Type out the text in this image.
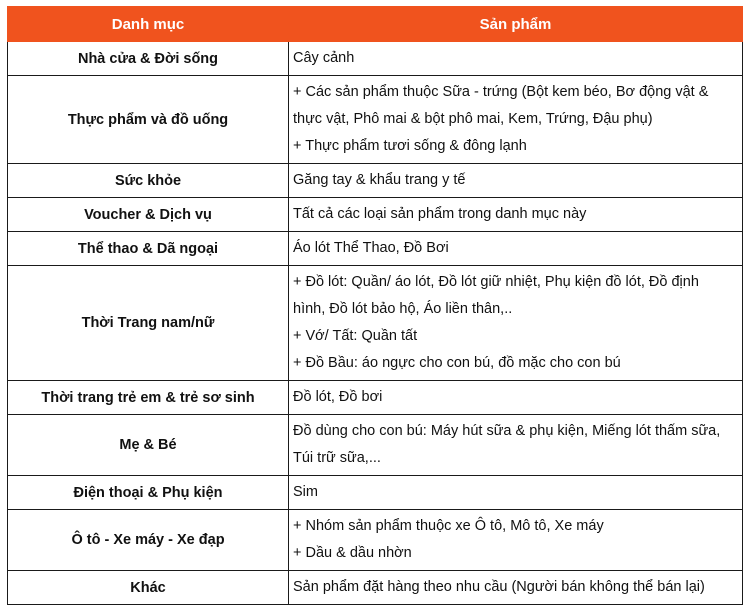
Danh mục	Sản phẩm
Nhà cửa & Đời sống	Cây cảnh

Thực phẩm và đồ uống	+ Các sản phẩm thuộc Sữa - trứng (Bột kem béo, Bơ động vật &
thực vật, Phô mai & bột phô mai, Kem, Trứng, Đậu phụ)
+ Thực phẩm tươi sống & đông lạnh

Sức khỏe	Găng tay & khẩu trang y tế

Voucher & Dịch vụ	Tất cả các loại sản phẩm trong danh mục này

Thể thao & Dã ngoại	Áo lót Thể Thao, Đồ Bơi

Thời Trang nam/nữ	+ Đồ lót: Quần/ áo lót, Đồ lót giữ nhiệt, Phụ kiện đồ lót, Đồ định
hình, Đồ lót bảo hộ, Áo liền thân,..
+ Vớ/ Tất: Quần tất
+ Đồ Bầu: áo ngực cho con bú, đồ mặc cho con bú

Thời trang trẻ em & trẻ sơ sinh	Đồ lót, Đồ bơi

Mẹ & Bé	Đồ dùng cho con bú: Máy hút sữa & phụ kiện, Miếng lót thấm sữa,
Túi trữ sữa,...

Điện thoại & Phụ kiện	Sim

Ô tô - Xe máy - Xe đạp	+ Nhóm sản phẩm thuộc xe Ô tô, Mô tô, Xe máy
+ Dầu & dầu nhờn

Khác	Sản phẩm đặt hàng theo nhu cầu (Người bán không thể bán lại)
